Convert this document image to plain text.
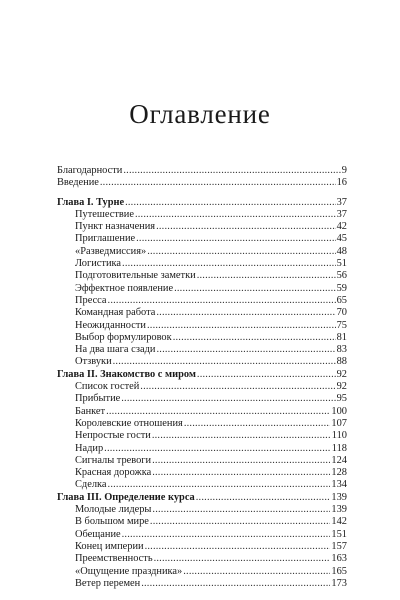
Оглавление
Благодарности . . .	9
Введение . . .	16
Глава I. Турне . . .	37
Путешествие . . .	37
Пункт назначения . . .	42
Приглашение . . .	45
«Разведмиссия» . . .	48
Логистика . . .	51
Подготовительные заметки . . .	56
Эффектное появление . . .	59
Пресса . . .	65
Командная работа . . .	70
Неожиданности . . .	75
Выбор формулировок . . .	81
На два шага сзади . . .	83
Отзвуки . . .	88
Глава II. Знакомство с миром . . .	92
Список гостей . . .	92
Прибытие . . .	95
Банкет . . .	100
Королевские отношения . . .	107
Непростые гости . . .	110
Надир . . .	118
Сигналы тревоги . . .	124
Красная дорожка . . .	128
Сделка . . .	134
Глава III. Определение курса . . .	139
Молодые лидеры . . .	139
В большом мире . . .	142
Обещание . . .	151
Конец империи . . .	157
Преемственность . . .	163
«Ощущение праздника» . . .	165
Ветер перемен . . .	173
